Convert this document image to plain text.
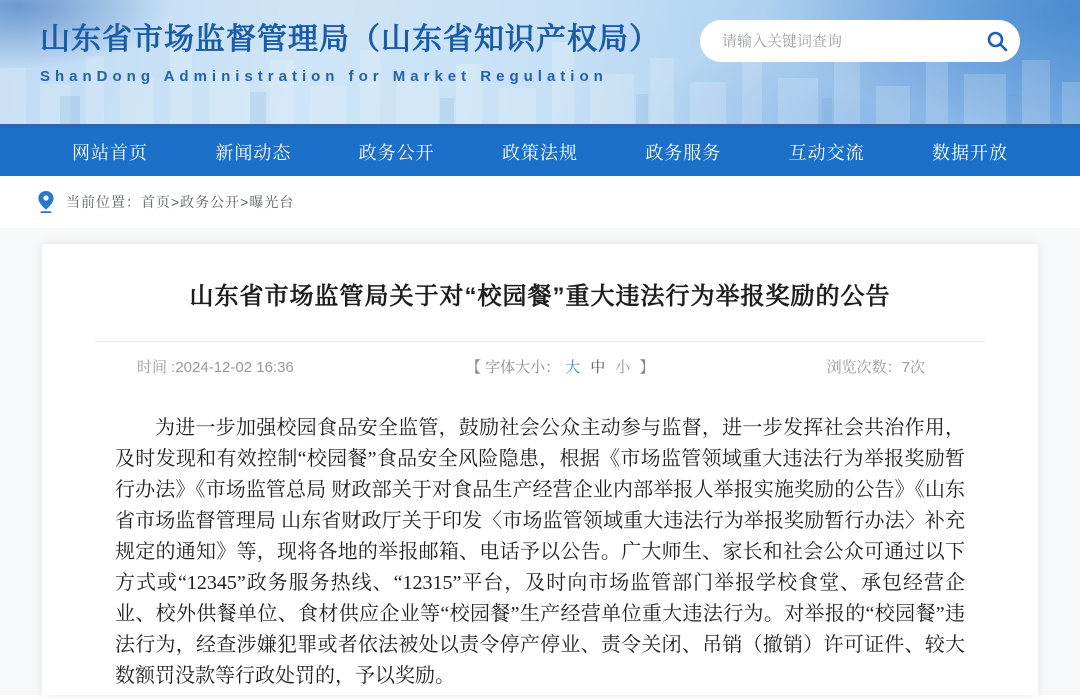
山东省市场监督管理局（山东省知识产权局）
ShanDong Administration for Market Regulation
请输入关键词查询
网站首页	新闻动态	政务公开	政策法规	政务服务	互动交流	数据开放
当前位置： 首页>政务公开>曝光台
山东省市场监管局关于对“校园餐”重大违法行为举报奖励的公告
时间 :2024-12-02 16:36	【 字体大小： 大 中 小 】	浏览次数：7次

为进一步加强校园食品安全监管，鼓励社会公众主动参与监督，进一步发挥社会共治作用，及时发现和有效控制“校园餐”食品安全风险隐患，根据《市场监管领域重大违法行为举报奖励暂行办法》《市场监管总局 财政部关于对食品生产经营企业内部举报人举报实施奖励的公告》《山东省市场监督管理局 山东省财政厅关于印发〈市场监管领域重大违法行为举报奖励暂行办法〉补充规定的通知》等，现将各地的举报邮箱、电话予以公告。广大师生、家长和社会公众可通过以下方式或“12345”政务服务热线、“12315”平台，及时向市场监管部门举报学校食堂、承包经营企业、校外供餐单位、食材供应企业等“校园餐”生产经营单位重大违法行为。对举报的“校园餐”违法行为，经查涉嫌犯罪或者依法被处以责令停产停业、责令关闭、吊销（撤销）许可证件、较大数额罚没款等行政处罚的，予以奖励。
